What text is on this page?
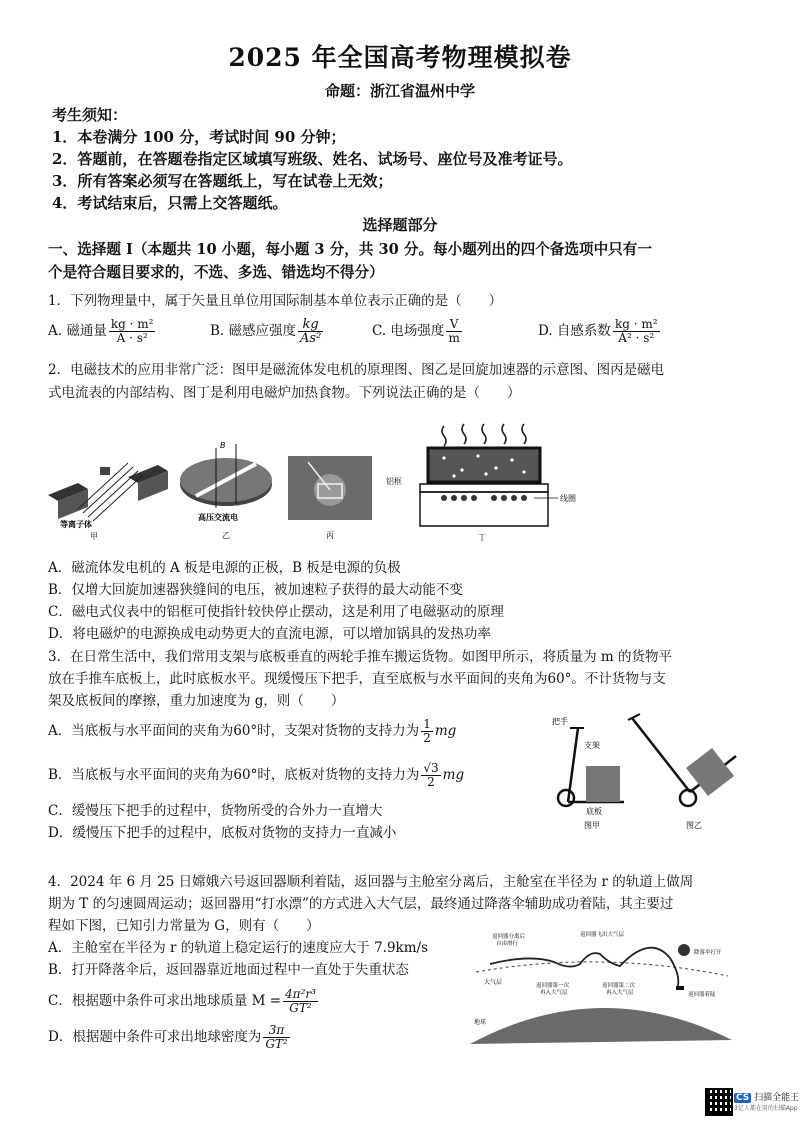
2025 年全国高考物理模拟卷
命题：浙江省温州中学
考生须知：
1．本卷满分 100 分，考试时间 90 分钟；
2．答题前，在答题卷指定区域填写班级、姓名、试场号、座位号及准考证号。
3．所有答案必须写在答题纸上，写在试卷上无效；
4．考试结束后，只需上交答题纸。
选择题部分
一、选择题 I（本题共 10 小题，每小题 3 分，共 30 分。每小题列出的四个备选项中只有一
个是符合题目要求的，不选、多选、错选均不得分）
1．下列物理量中，属于矢量且单位用国际制基本单位表示正确的是（　　）
A. 磁通量 $\frac{\text{kg · m²}}{\text{A · s²}}$	B. 磁感应强度 $\frac{kg}{\text{As²}}$	C. 电场强度 $\frac{V}{m}$	D. 自感系数 $\frac{\text{kg · m²}}{\text{A² · s²}}$
2．电磁技术的应用非常广泛：图甲是磁流体发电机的原理图、图乙是回旋加速器的示意图、图丙是磁电
式电流表的内部结构、图丁是利用电磁炉加热食物。下列说法正确的是（　　）
等离子体
甲
B
高压交流电
乙	丙
线圈
丁
铝框
A．磁流体发电机的 A 板是电源的正极，B 板是电源的负极
B．仅增大回旋加速器狭缝间的电压，被加速粒子获得的最大动能不变
C．磁电式仪表中的铝框可使指针较快停止摆动，这是利用了电磁驱动的原理
D．将电磁炉的电源换成电动势更大的直流电源，可以增加锅具的发热功率
3．在日常生活中，我们常用支架与底板垂直的两轮手推车搬运货物。如图甲所示，将质量为 m 的货物平
放在手推车底板上，此时底板水平。现缓慢压下把手，直至底板与水平面间的夹角为60°。不计货物与支
架及底板间的摩擦，重力加速度为 g，则（　　）
A．当底板与水平面间的夹角为60°时，支架对货物的支持力为 $\frac{1}{2}$ mg
B．当底板与水平面间的夹角为60°时，底板对货物的支持力为 $\frac{√3}{2}$ mg
C．缓慢压下把手的过程中，货物所受的合外力一直增大
D．缓慢压下把手的过程中，底板对货物的支持力一直减小
把手
支架
底板
图甲	图乙
4．2024 年 6 月 25 日嫦娥六号返回器顺利着陆，返回器与主舱室分离后，主舱室在半径为 r 的轨道上做周
期为 T 的匀速圆周运动；返回器用“打水漂”的方式进入大气层，最终通过降落伞辅助成功着陆，其主要过
程如下图，已知引力常量为 G，则有（　　）
A．主舱室在半径为 r 的轨道上稳定运行的速度应大于 7.9km/s
B．打开降落伞后，返回器靠近地面过程中一直处于失重状态
C．根据题中条件可求出地球质量 $M = \frac{\text{4π²r³}}{\text{GT²}}$
D．根据题中条件可求出地球密度为 $\frac{3\pi}{\text{GT²}}$
返回器分离后
自由滑行
返回器飞出大气层
降落伞打开
返回器第一次
再入大气层
返回器第二次
再入大气层	返回器着陆
大气层
地球
CS 扫描全能王
3亿人都在用的扫描App
